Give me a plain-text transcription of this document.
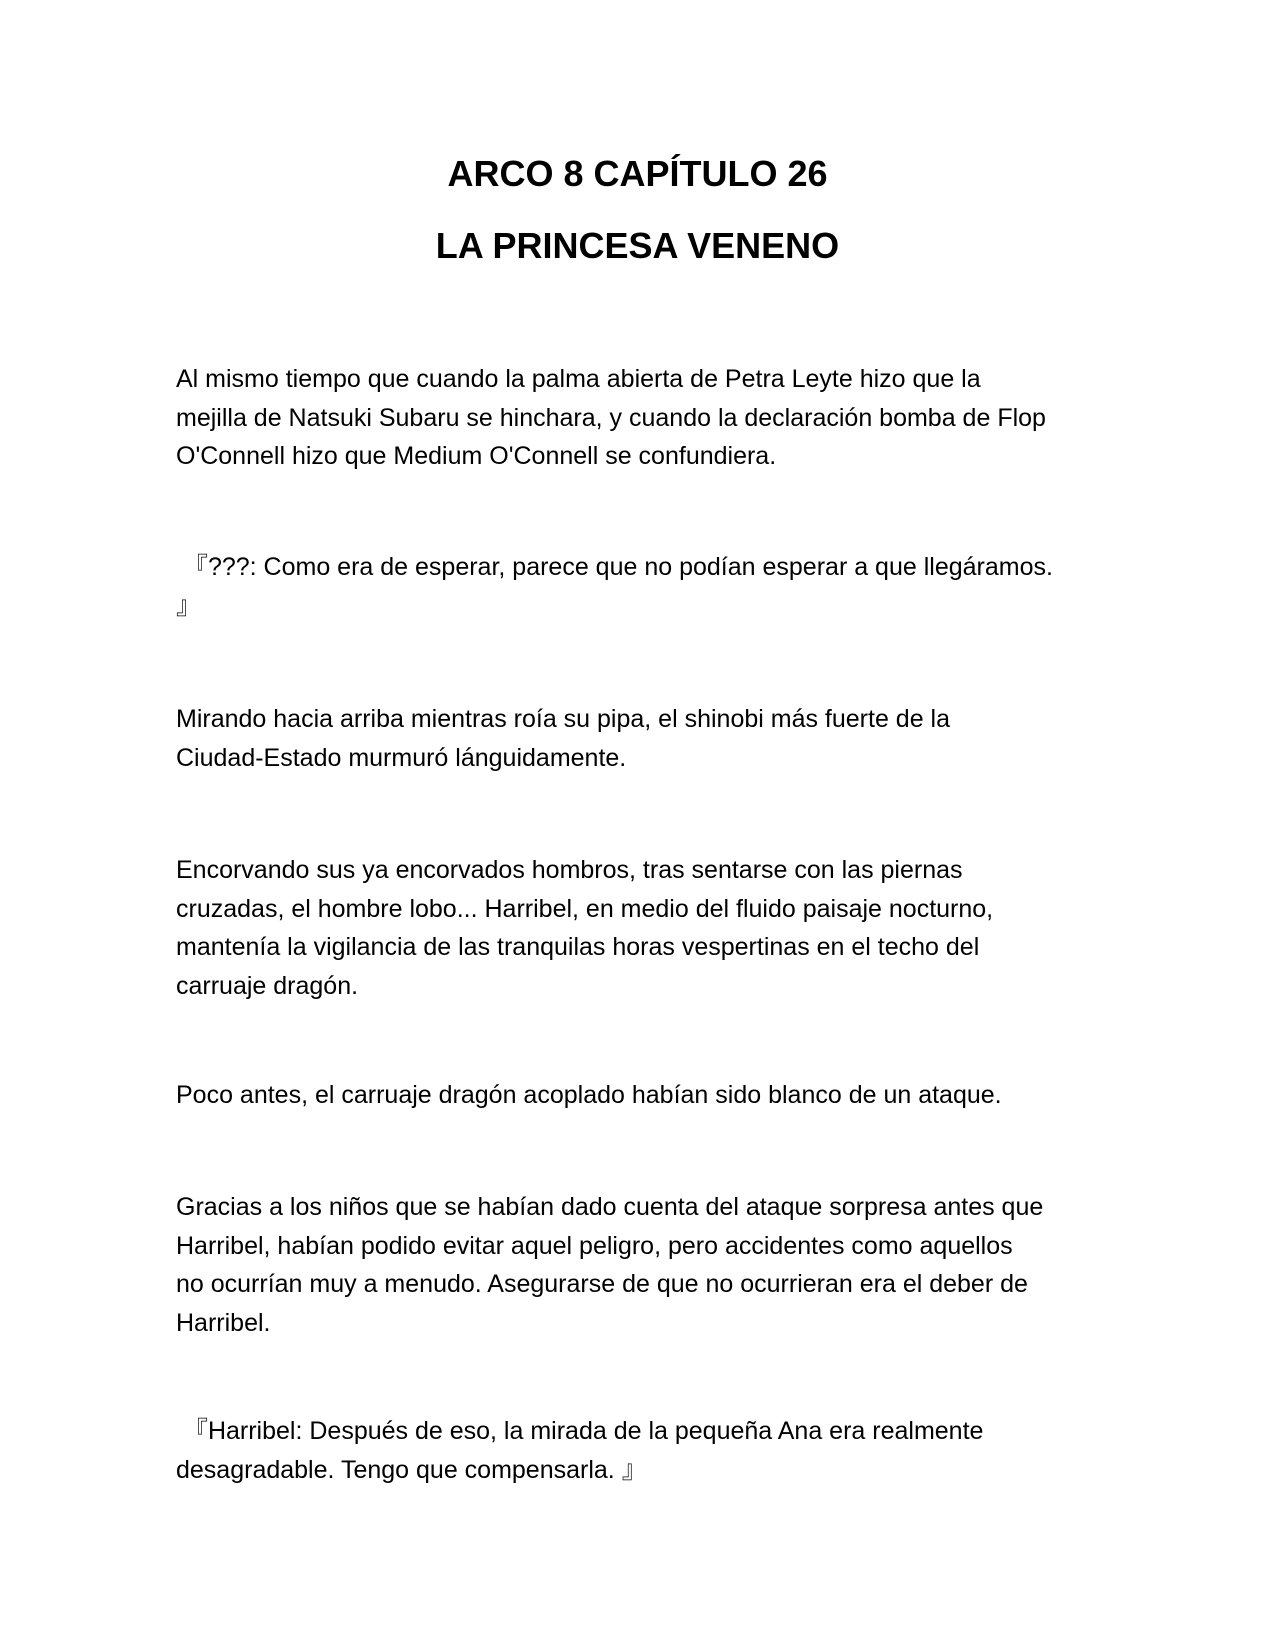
ARCO 8 CAPÍTULO 26
LA PRINCESA VENENO

Al mismo tiempo que cuando la palma abierta de Petra Leyte hizo que la
mejilla de Natsuki Subaru se hinchara, y cuando la declaración bomba de Flop
O'Connell hizo que Medium O'Connell se confundiera.

『???: Como era de esperar, parece que no podían esperar a que llegáramos.
』

Mirando hacia arriba mientras roía su pipa, el shinobi más fuerte de la
Ciudad-Estado murmuró lánguidamente.

Encorvando sus ya encorvados hombros, tras sentarse con las piernas
cruzadas, el hombre lobo... Harribel, en medio del fluido paisaje nocturno,
mantenía la vigilancia de las tranquilas horas vespertinas en el techo del
carruaje dragón.

Poco antes, el carruaje dragón acoplado habían sido blanco de un ataque.

Gracias a los niños que se habían dado cuenta del ataque sorpresa antes que
Harribel, habían podido evitar aquel peligro, pero accidentes como aquellos
no ocurrían muy a menudo. Asegurarse de que no ocurrieran era el deber de
Harribel.

『Harribel: Después de eso, la mirada de la pequeña Ana era realmente
desagradable. Tengo que compensarla. 』
